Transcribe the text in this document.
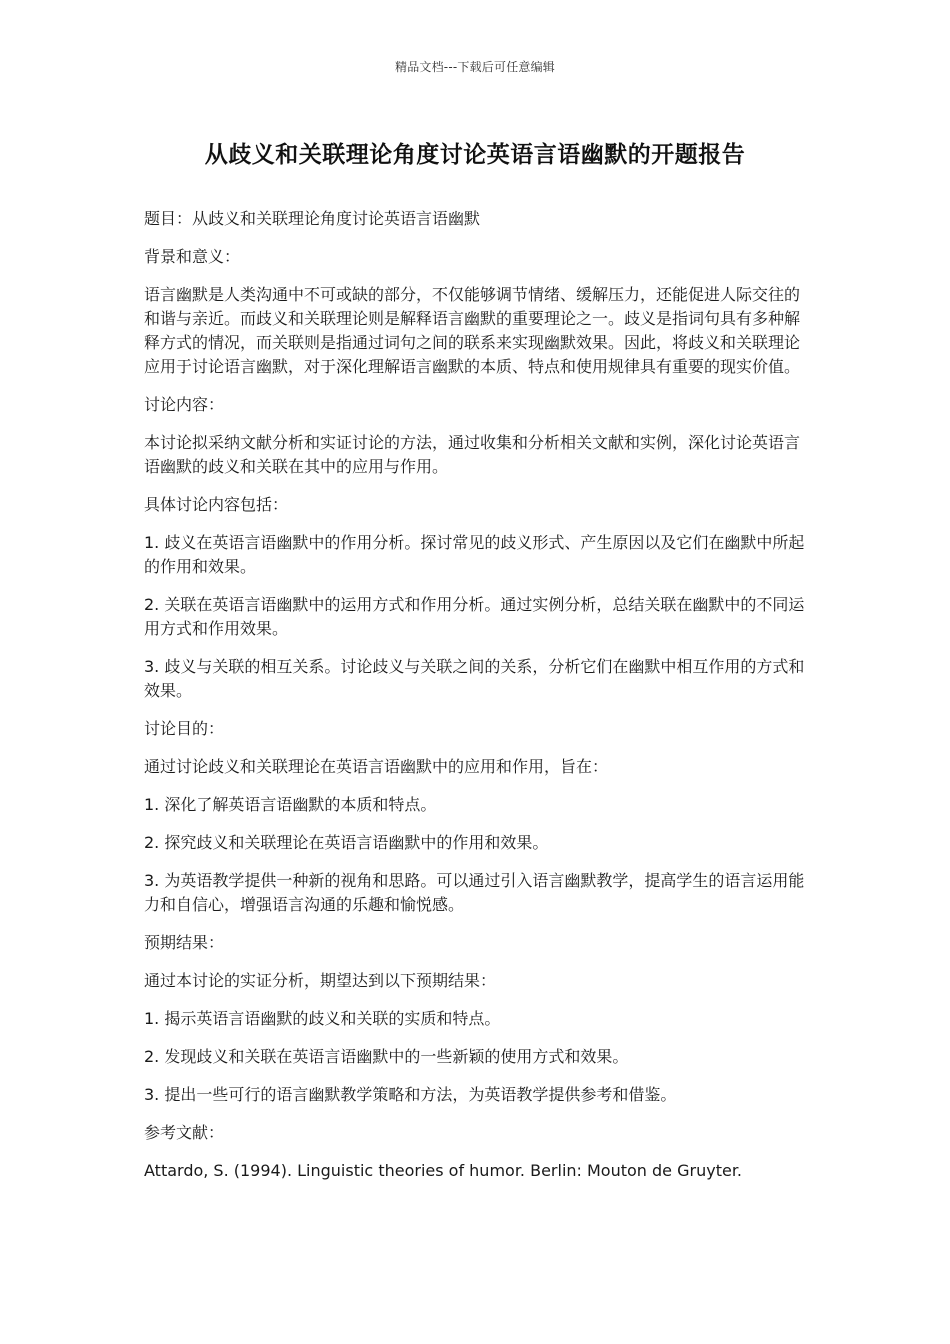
精品文档---下载后可任意编辑
从歧义和关联理论角度讨论英语言语幽默的开题报告

题目：从歧义和关联理论角度讨论英语言语幽默

背景和意义：

语言幽默是人类沟通中不可或缺的部分，不仅能够调节情绪、缓解压力，还能促进人际交往的和谐与亲近。而歧义和关联理论则是解释语言幽默的重要理论之一。歧义是指词句具有多种解释方式的情况，而关联则是指通过词句之间的联系来实现幽默效果。因此，将歧义和关联理论应用于讨论语言幽默，对于深化理解语言幽默的本质、特点和使用规律具有重要的现实价值。

讨论内容：

本讨论拟采纳文献分析和实证讨论的方法，通过收集和分析相关文献和实例，深化讨论英语言语幽默的歧义和关联在其中的应用与作用。

具体讨论内容包括：

1. 歧义在英语言语幽默中的作用分析。探讨常见的歧义形式、产生原因以及它们在幽默中所起的作用和效果。

2. 关联在英语言语幽默中的运用方式和作用分析。通过实例分析，总结关联在幽默中的不同运用方式和作用效果。

3. 歧义与关联的相互关系。讨论歧义与关联之间的关系，分析它们在幽默中相互作用的方式和效果。

讨论目的：

通过讨论歧义和关联理论在英语言语幽默中的应用和作用，旨在：

1. 深化了解英语言语幽默的本质和特点。

2. 探究歧义和关联理论在英语言语幽默中的作用和效果。

3. 为英语教学提供一种新的视角和思路。可以通过引入语言幽默教学，提高学生的语言运用能力和自信心，增强语言沟通的乐趣和愉悦感。

预期结果：

通过本讨论的实证分析，期望达到以下预期结果：

1. 揭示英语言语幽默的歧义和关联的实质和特点。

2. 发现歧义和关联在英语言语幽默中的一些新颖的使用方式和效果。

3. 提出一些可行的语言幽默教学策略和方法，为英语教学提供参考和借鉴。

参考文献：

Attardo, S. (1994). Linguistic theories of humor. Berlin: Mouton de Gruyter.
